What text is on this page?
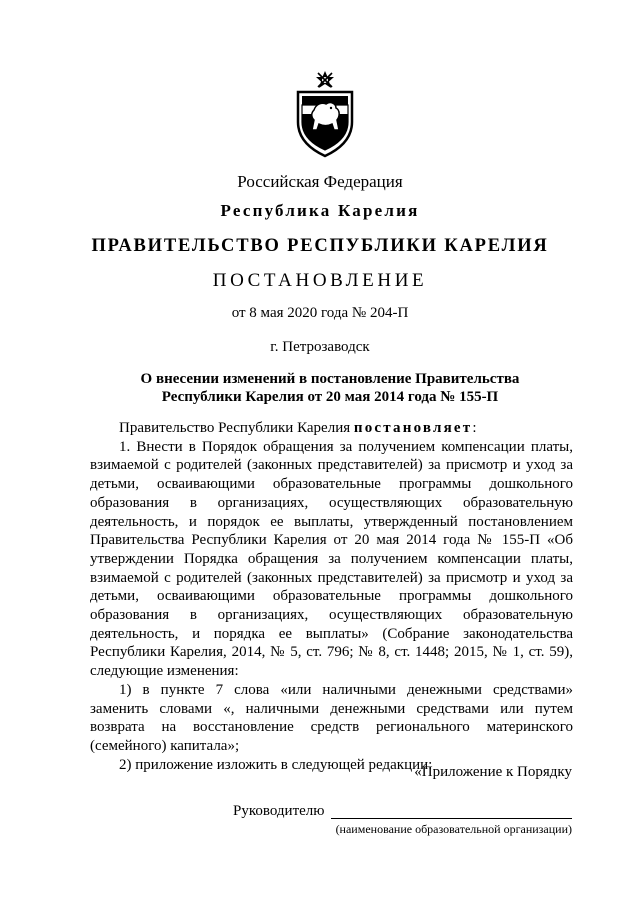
Российская Федерация
Республика Карелия
ПРАВИТЕЛЬСТВО РЕСПУБЛИКИ КАРЕЛИЯ
ПОСТАНОВЛЕНИЕ
от 8 мая 2020 года № 204-П
г. Петрозаводск
О внесении изменений в постановление Правительства
Республики Карелия от 20 мая 2014 года № 155-П

Правительство Республики Карелия постановляет:

1. Внести в Порядок обращения за получением компенсации платы, взимаемой с родителей (законных представителей) за присмотр и уход за детьми, осваивающими образовательные программы дошкольного образования в организациях, осуществляющих образовательную деятельность, и порядок ее выплаты, утвержденный постановлением Правительства Республики Карелия от 20 мая 2014 года № 155-П «Об утверждении Порядка обращения за получением компенсации платы, взимаемой с родителей (законных представителей) за присмотр и уход за детьми, осваивающими образовательные программы дошкольного образования в организациях, осуществляющих образовательную деятельность, и порядка ее выплаты» (Собрание законодательства Республики Карелия, 2014, № 5, ст. 796; № 8, ст. 1448; 2015, № 1, ст. 59), следующие изменения:

1) в пункте 7 слова «или наличными денежными средствами» заменить словами «, наличными денежными средствами или путем возврата на восстановление средств регионального материнского (семейного) капитала»;

2) приложение изложить в следующей редакции:

«Приложение к Порядку
Руководителю
(наименование образовательной организации)
